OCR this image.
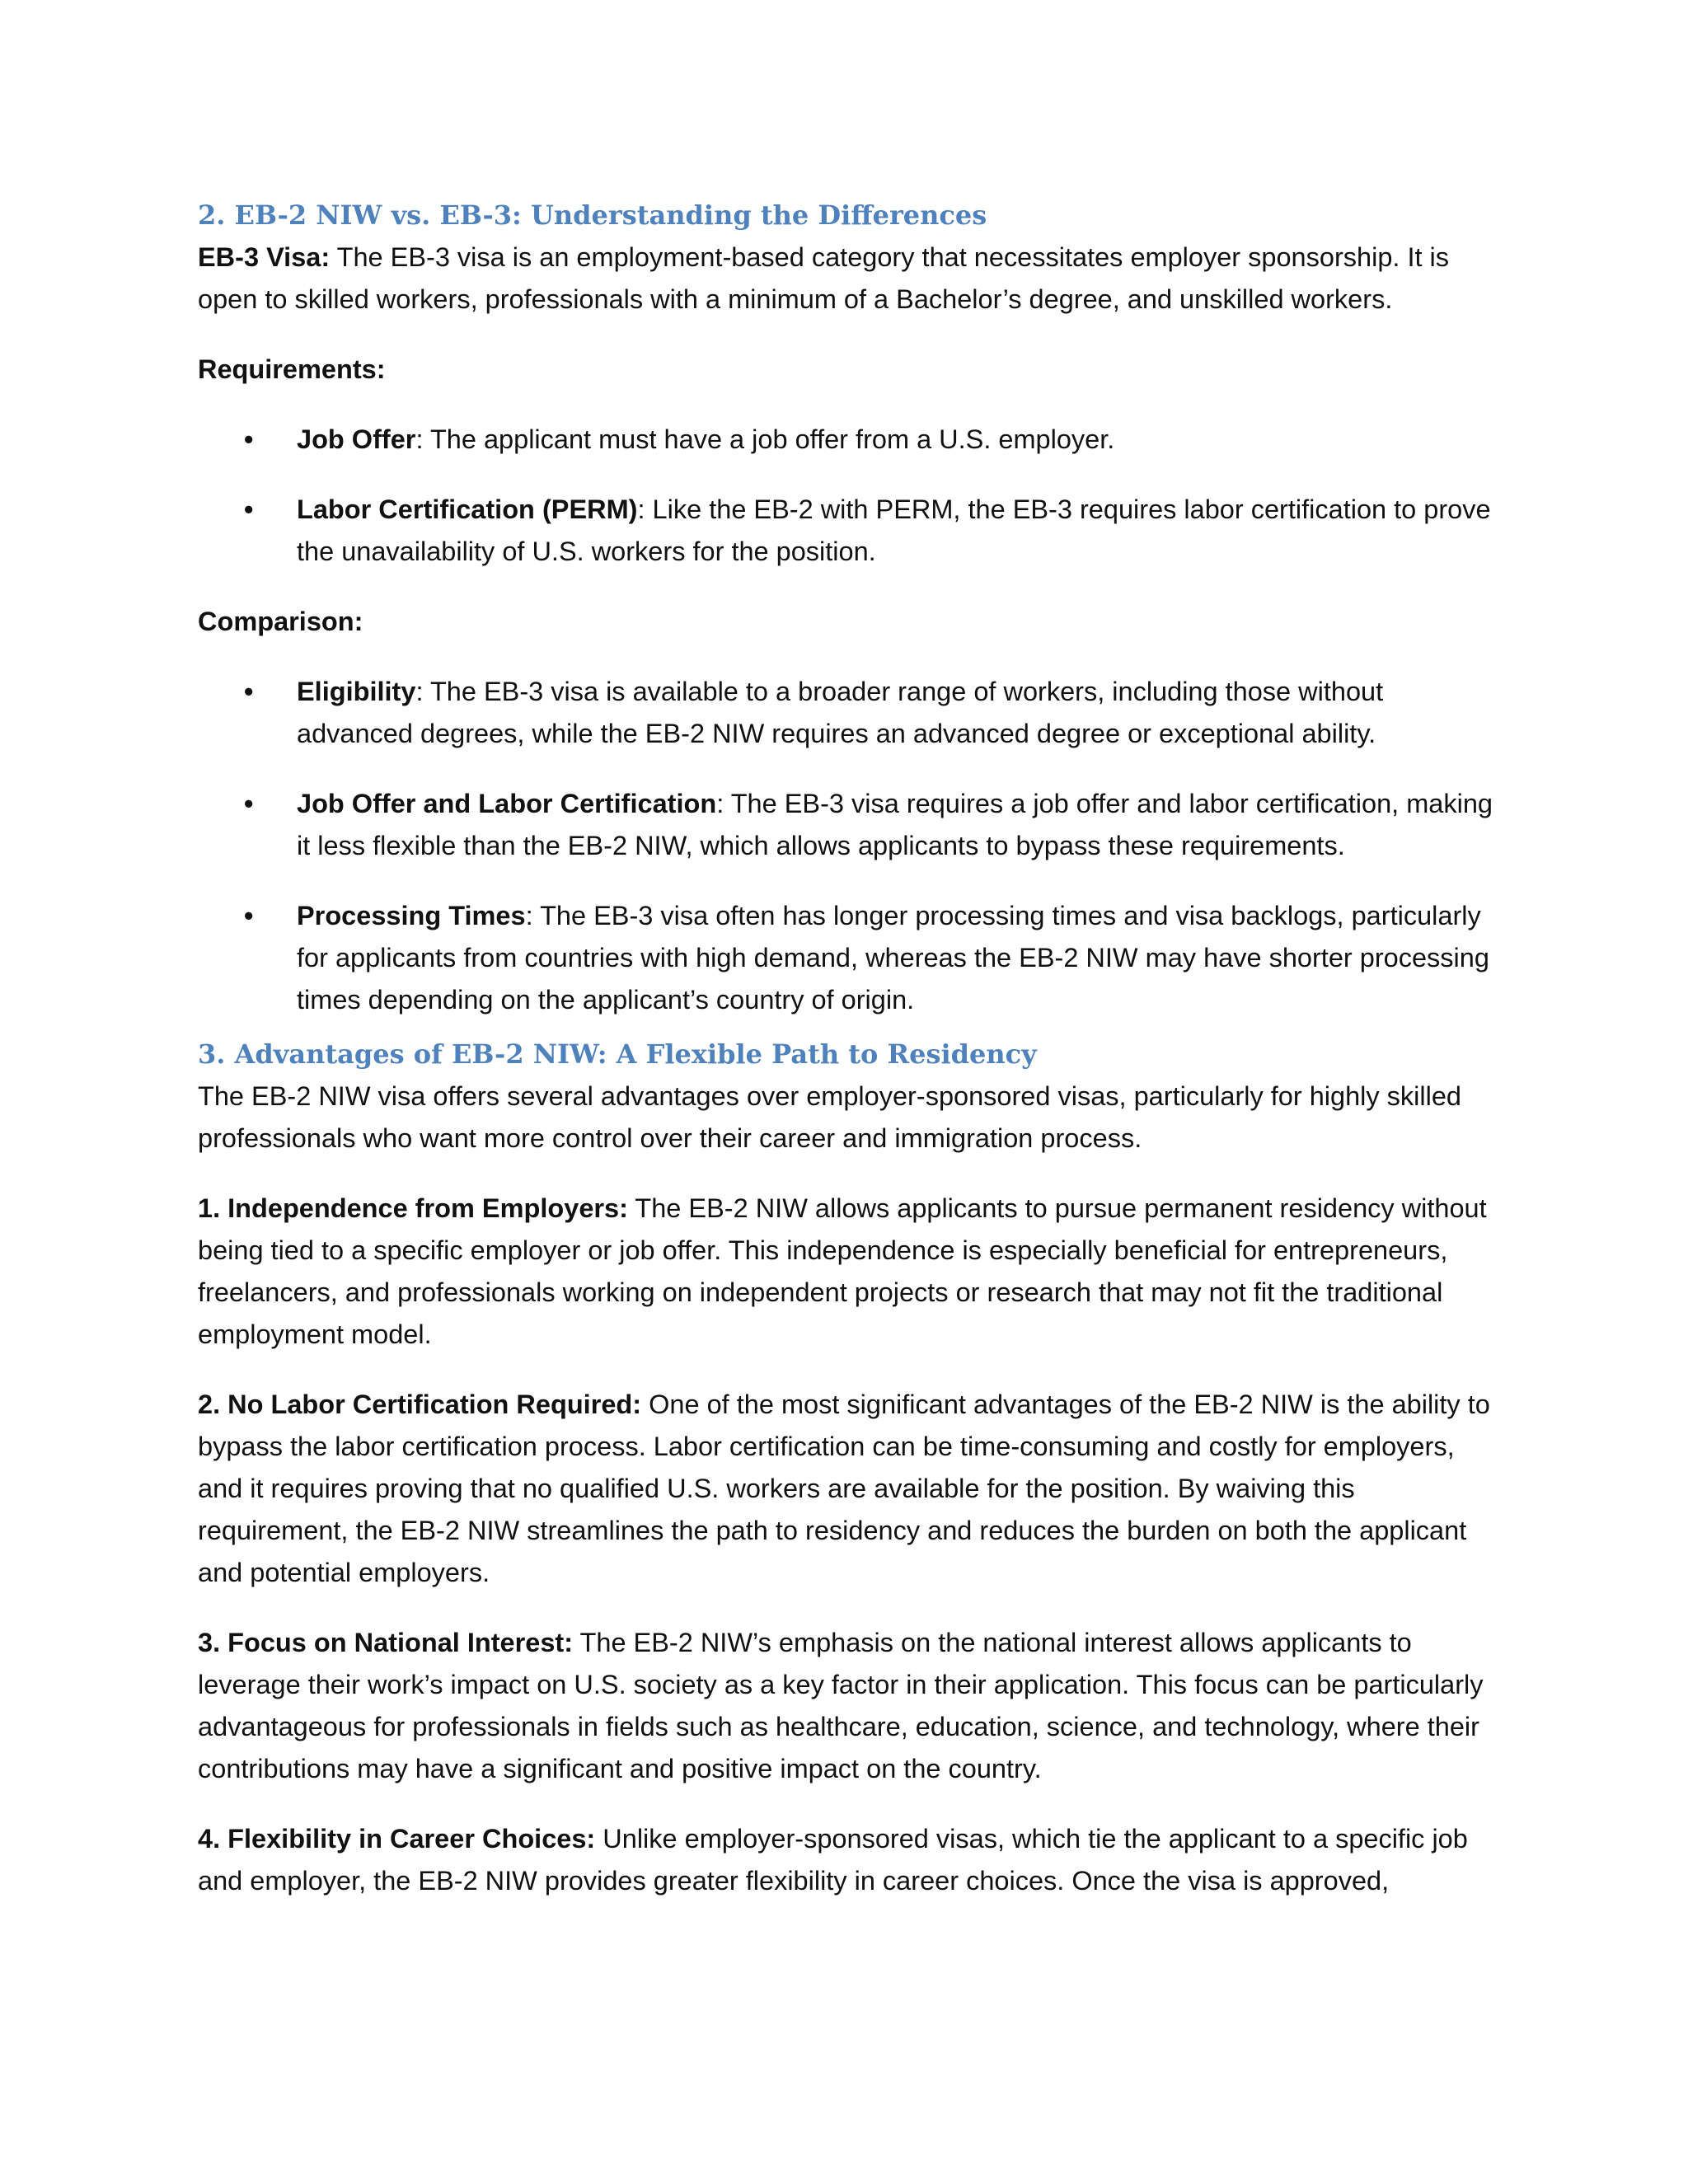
2. EB-2 NIW vs. EB-3: Understanding the Differences

EB-3 Visa: The EB-3 visa is an employment-based category that necessitates employer sponsorship. It is open to skilled workers, professionals with a minimum of a Bachelor’s degree, and unskilled workers.

Requirements:

• Job Offer: The applicant must have a job offer from a U.S. employer.
• Labor Certification (PERM): Like the EB-2 with PERM, the EB-3 requires labor certification to prove the unavailability of U.S. workers for the position.

Comparison:

• Eligibility: The EB-3 visa is available to a broader range of workers, including those without advanced degrees, while the EB-2 NIW requires an advanced degree or exceptional ability.
• Job Offer and Labor Certification: The EB-3 visa requires a job offer and labor certification, making it less flexible than the EB-2 NIW, which allows applicants to bypass these requirements.
• Processing Times: The EB-3 visa often has longer processing times and visa backlogs, particularly for applicants from countries with high demand, whereas the EB-2 NIW may have shorter processing times depending on the applicant’s country of origin.
3. Advantages of EB-2 NIW: A Flexible Path to Residency

The EB-2 NIW visa offers several advantages over employer-sponsored visas, particularly for highly skilled professionals who want more control over their career and immigration process.

1. Independence from Employers: The EB-2 NIW allows applicants to pursue permanent residency without being tied to a specific employer or job offer. This independence is especially beneficial for entrepreneurs, freelancers, and professionals working on independent projects or research that may not fit the traditional employment model.

2. No Labor Certification Required: One of the most significant advantages of the EB-2 NIW is the ability to bypass the labor certification process. Labor certification can be time-consuming and costly for employers, and it requires proving that no qualified U.S. workers are available for the position. By waiving this requirement, the EB-2 NIW streamlines the path to residency and reduces the burden on both the applicant and potential employers.

3. Focus on National Interest: The EB-2 NIW’s emphasis on the national interest allows applicants to leverage their work’s impact on U.S. society as a key factor in their application. This focus can be particularly advantageous for professionals in fields such as healthcare, education, science, and technology, where their contributions may have a significant and positive impact on the country.

4. Flexibility in Career Choices: Unlike employer-sponsored visas, which tie the applicant to a specific job and employer, the EB-2 NIW provides greater flexibility in career choices. Once the visa is approved,
